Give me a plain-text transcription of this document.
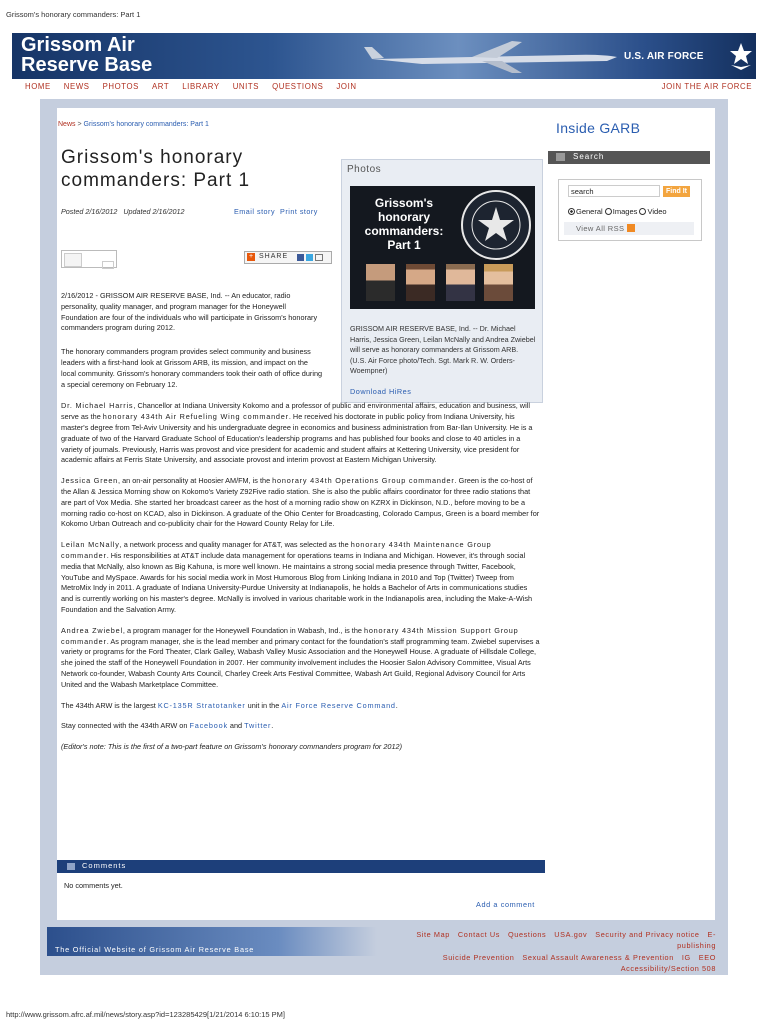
Grissom's honorary commanders: Part 1
Grissom Air
Reserve Base	U.S. AIR FORCE
HOME NEWS PHOTOS ART LIBRARY UNITS QUESTIONS JOIN	JOIN THE AIR FORCE
News > Grissom's honorary commanders: Part 1
Grissom's honorary commanders: Part 1
Posted 2/16/2012 Updated 2/16/2012	Email story Print story
+ SHARE
Photos
Grissom's honorary commanders: Part 1
GRISSOM AIR RESERVE BASE, Ind. -- Dr. Michael Harris, Jessica Green, Leilan McNally and Andrea Zwiebel will serve as honorary commanders at Grissom ARB. (U.S. Air Force photo/Tech. Sgt. Mark R. W. Orders-Woempner)
Download HiRes

2/16/2012 - GRISSOM AIR RESERVE BASE, Ind. -- An educator, radio personality, quality manager, and program manager for the Honeywell Foundation are four of the individuals who will participate in Grissom's honorary commanders program during 2012.

The honorary commanders program provides select community and business leaders with a first-hand look at Grissom ARB, its mission, and impact on the local community. Grissom's honorary commanders took their oath of office during a special ceremony on February 12.

Dr. Michael Harris, Chancellor at Indiana University Kokomo and a professor of public and environmental affairs, education and business, will serve as the honorary 434th Air Refueling Wing commander. He received his doctorate in public policy from Indiana University, his master's degree from Tel-Aviv University and his undergraduate degree in economics and business administration from Bar-Ilan University. He is a graduate of two of the Harvard Graduate School of Education's leadership programs and has published four books and close to 40 articles in a variety of journals. Previously, Harris was provost and vice president for academic and student affairs at Kettering University, vice president for academic affairs at Ferris State University, and associate provost and interim provost at Eastern Michigan University.

Jessica Green, an on-air personality at Hoosier AM/FM, is the honorary 434th Operations Group commander. Green is the co-host of the Allan & Jessica Morning show on Kokomo's Variety Z92Five radio station. She is also the public affairs coordinator for three radio stations that are part of Vox Media. She started her broadcast career as the host of a morning radio show on KZRX in Dickinson, N.D., before moving to be a morning radio co-host on KCAD, also in Dickinson. A graduate of the Ohio Center for Broadcasting, Colorado Campus, Green is a board member for Kokomo Urban Outreach and co-publicity chair for the Howard County Relay for Life.

Leilan McNally, a network process and quality manager for AT&T, was selected as the honorary 434th Maintenance Group commander. His responsibilities at AT&T include data management for operations teams in Indiana and Michigan. However, it's through social media that McNally, also known as Big Kahuna, is more well known. He maintains a strong social media presence through Twitter, Facebook, YouTube and MySpace. Awards for his social media work in Most Humorous Blog from Linking Indiana in 2010 and Top (Twitter) Tweep from MetroMix Indy in 2011. A graduate of Indiana University-Purdue University at Indianapolis, he holds a Bachelor of Arts in communications studies and is currently working on his master's degree. McNally is involved in various charitable work in the Indianapolis area, including the Make-A-Wish Foundation and the Salvation Army.

Andrea Zwiebel, a program manager for the Honeywell Foundation in Wabash, Ind., is the honorary 434th Mission Support Group commander. As program manager, she is the lead member and primary contact for the foundation's staff programming team. Zwiebel supervises a variety or programs for the Ford Theater, Clark Galley, Wabash Valley Music Association and the Honeywell House. A graduate of Hillsdale College, she joined the staff of the Honeywell Foundation in 2007. Her community involvement includes the Hoosier Salon Advisory Committee, Visual Arts Network co-founder, Wabash County Arts Council, Charley Creek Arts Festival Committee, Wabash Art Guild, Regional Advisory Council for Arts United and the Wabash Marketplace Committee.

The 434th ARW is the largest KC-135R Stratotanker unit in the Air Force Reserve Command.

Stay connected with the 434th ARW on Facebook and Twitter.

(Editor's note: This is the first of a two-part feature on Grissom's honorary commanders program for 2012)

Inside GARB
Search
search	Find It
General Images Video
View All RSS
Comments
No comments yet.
Add a comment
The Official Website of Grissom Air Reserve Base
Site Map Contact Us Questions USA.gov Security and Privacy notice E-publishing
Suicide Prevention Sexual Assault Awareness & Prevention IG EEO
Accessibility/Section 508
http://www.grissom.afrc.af.mil/news/story.asp?id=123285429[1/21/2014 6:10:15 PM]
